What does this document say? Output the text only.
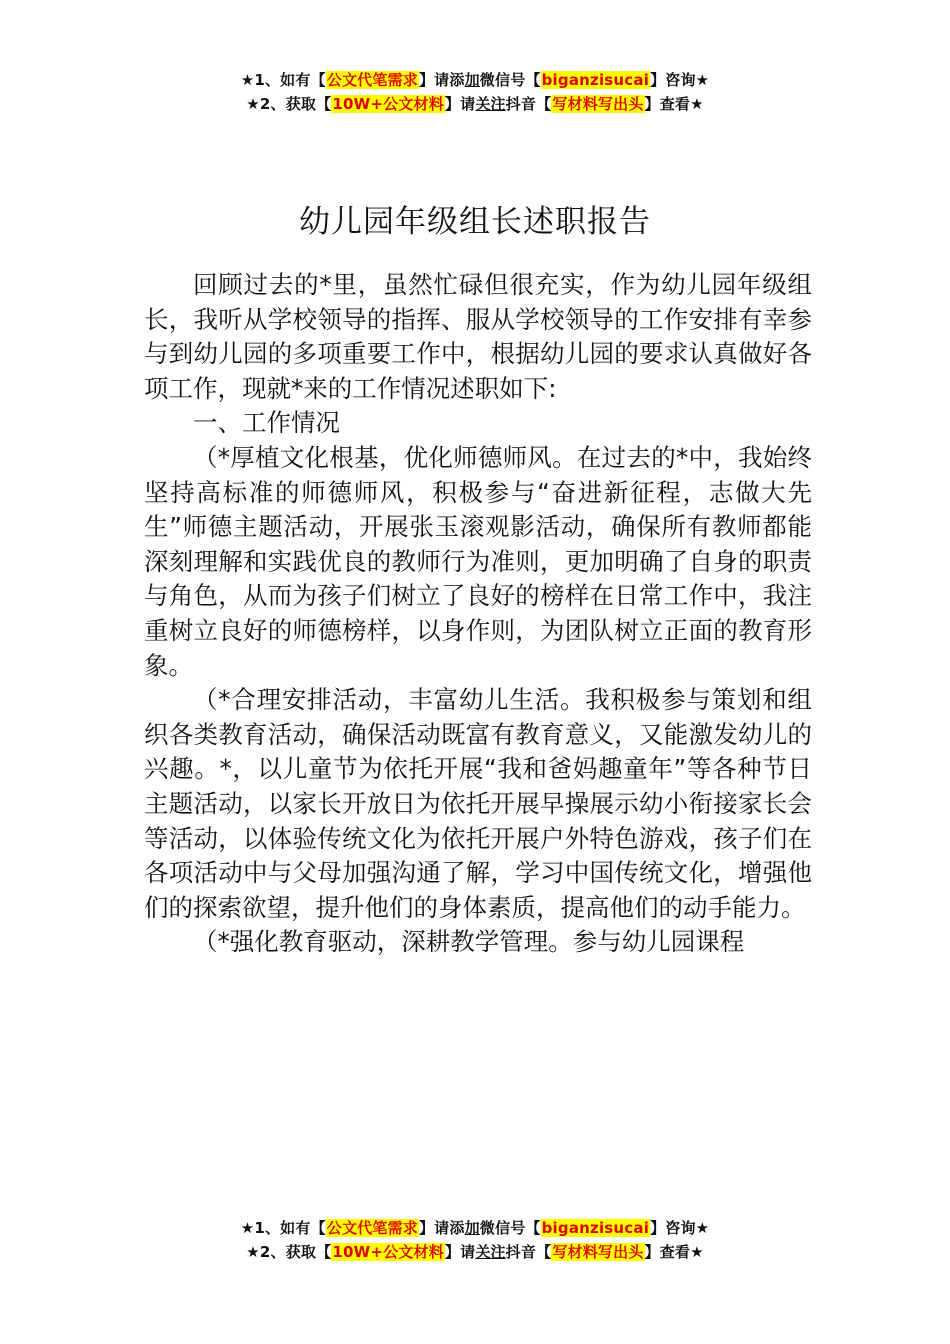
★1、如有【公文代笔需求】请添加微信号【biganzisucai】咨询★
★2、获取【10W+公文材料】请关注抖音【写材料写出头】查看★
幼儿园年级组长述职报告

回顾过去的*里，虽然忙碌但很充实，作为幼儿园年级组长，我听从学校领导的指挥、服从学校领导的工作安排有幸参与到幼儿园的多项重要工作中，根据幼儿园的要求认真做好各项工作，现就*来的工作情况述职如下:

一、工作情况

（*厚植文化根基，优化师德师风。在过去的*中，我始终坚持高标准的师德师风，积极参与“奋进新征程，志做大先生”师德主题活动，开展张玉滚观影活动，确保所有教师都能深刻理解和实践优良的教师行为准则，更加明确了自身的职责与角色，从而为孩子们树立了良好的榜样在日常工作中，我注重树立良好的师德榜样，以身作则，为团队树立正面的教育形象。

（*合理安排活动，丰富幼儿生活。我积极参与策划和组织各类教育活动，确保活动既富有教育意义，又能激发幼儿的兴趣。*，以儿童节为依托开展“我和爸妈趣童年”等各种节日主题活动，以家长开放日为依托开展早操展示幼小衔接家长会等活动，以体验传统文化为依托开展户外特色游戏，孩子们在各项活动中与父母加强沟通了解，学习中国传统文化，增强他们的探索欲望，提升他们的身体素质，提高他们的动手能力。

（*强化教育驱动，深耕教学管理。参与幼儿园课程

★1、如有【公文代笔需求】请添加微信号【biganzisucai】咨询★
★2、获取【10W+公文材料】请关注抖音【写材料写出头】查看★
